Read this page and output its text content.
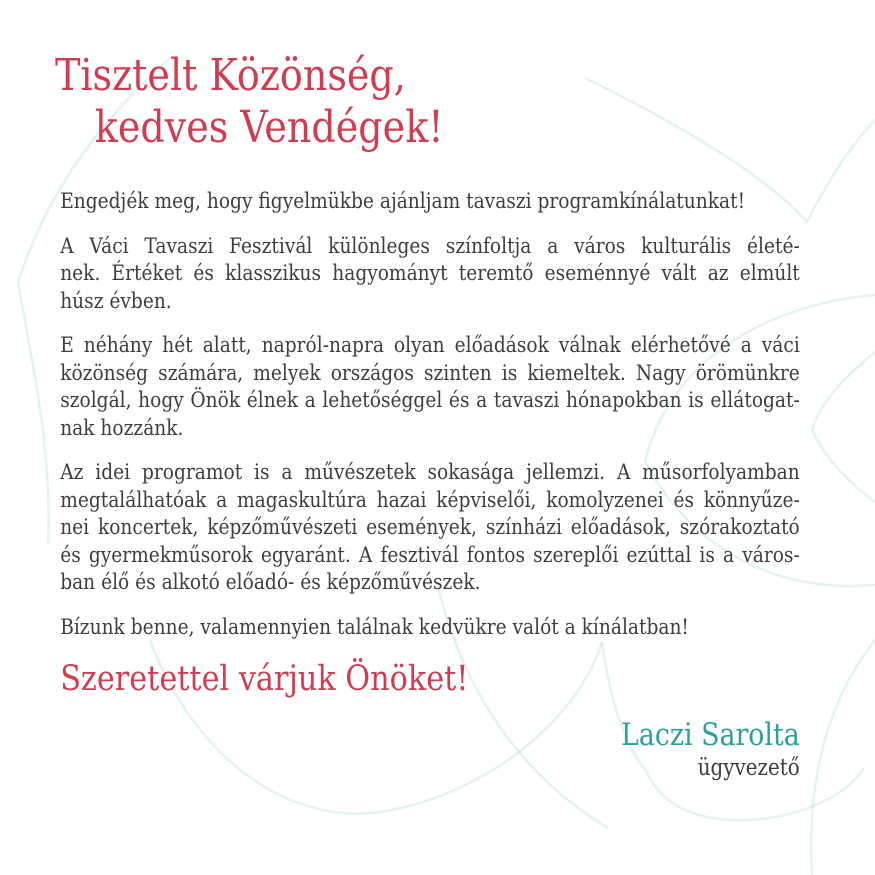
Tisztelt Közönség,
kedves Vendégek!
Engedjék meg, hogy figyelmükbe ajánljam tavaszi programkínálatunkat!
A Váci Tavaszi Fesztivál különleges színfoltja a város kulturális életé-
nek. Értéket és klasszikus hagyományt teremtő eseménnyé vált az elmúlt
húsz évben.
E néhány hét alatt, napról-napra olyan előadások válnak elérhetővé a váci
közönség számára, melyek országos szinten is kiemeltek. Nagy örömünkre
szolgál, hogy Önök élnek a lehetőséggel és a tavaszi hónapokban is ellátogat-
nak hozzánk.
Az idei programot is a művészetek sokasága jellemzi. A műsorfolyamban
megtalálhatóak a magaskultúra hazai képviselői, komolyzenei és könnyűze-
nei koncertek, képzőművészeti események, színházi előadások, szórakoztató
és gyermekműsorok egyaránt. A fesztivál fontos szereplői ezúttal is a város-
ban élő és alkotó előadó- és képzőművészek.
Bízunk benne, valamennyien találnak kedvükre valót a kínálatban!
Szeretettel várjuk Önöket!
Laczi Sarolta
ügyvezető
